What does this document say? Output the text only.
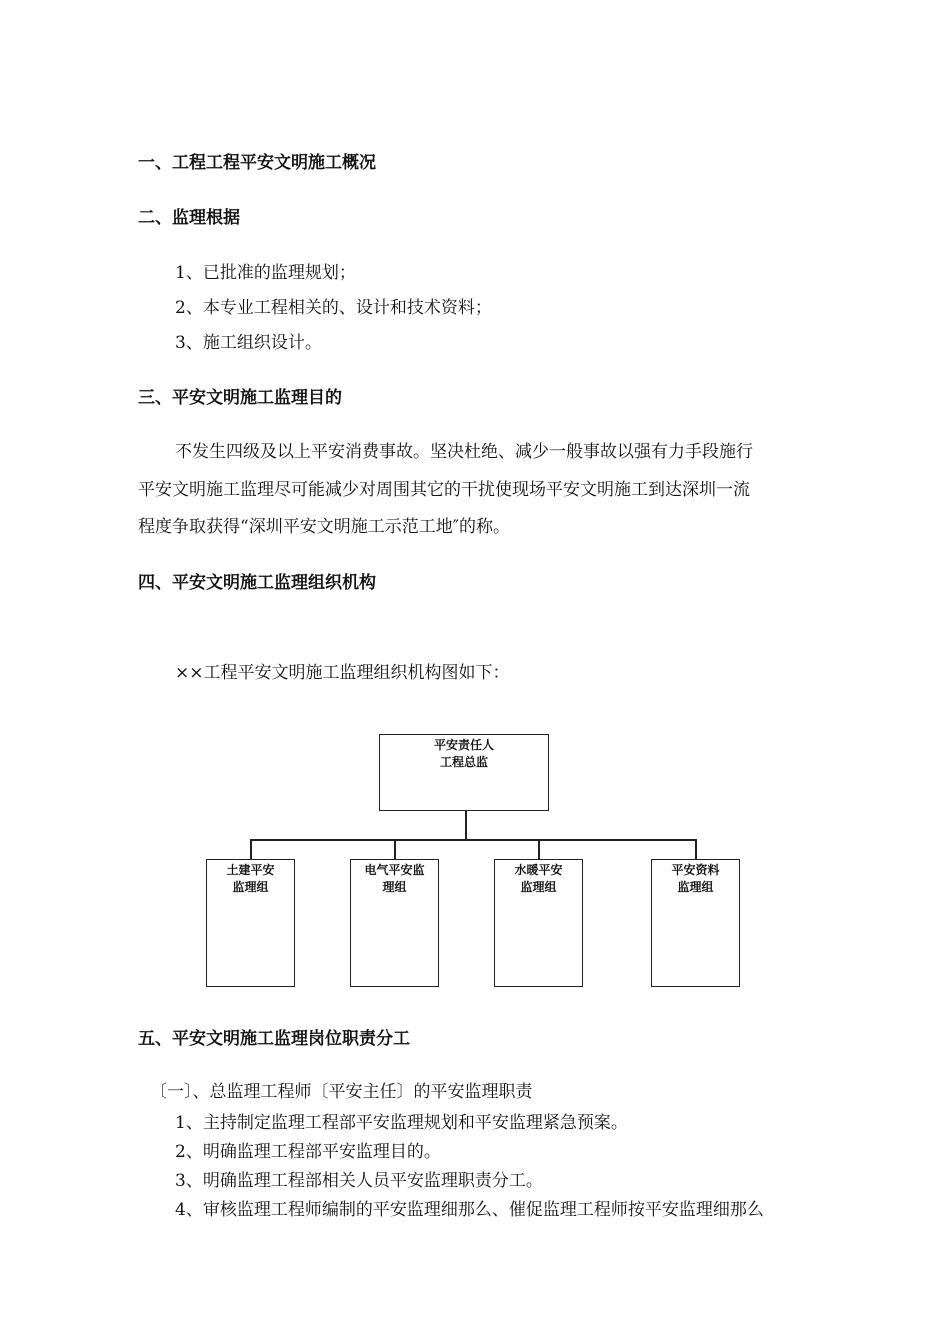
一、工程工程平安文明施工概况
二、监理根据
1、已批准的监理规划；
2、本专业工程相关的、设计和技术资料；
3、施工组织设计。
三、平安文明施工监理目的
不发生四级及以上平安消费事故。坚决杜绝、减少一般事故以强有力手段施行
平安文明施工监理尽可能减少对周围其它的干扰使现场平安文明施工到达深圳一流
程度争取获得“深圳平安文明施工示范工地″的称。
四、平安文明施工监理组织机构
××工程平安文明施工监理组织机构图如下：
平安责任人
工程总监
土建平安
监理组
电气平安监
理组
水暖平安
监理组
平安资料
监理组
五、平安文明施工监理岗位职责分工
〔一〕、总监理工程师〔平安主任〕的平安监理职责
1、主持制定监理工程部平安监理规划和平安监理紧急预案。
2、明确监理工程部平安监理目的。
3、明确监理工程部相关人员平安监理职责分工。
4、审核监理工程师编制的平安监理细那么、催促监理工程师按平安监理细那么
